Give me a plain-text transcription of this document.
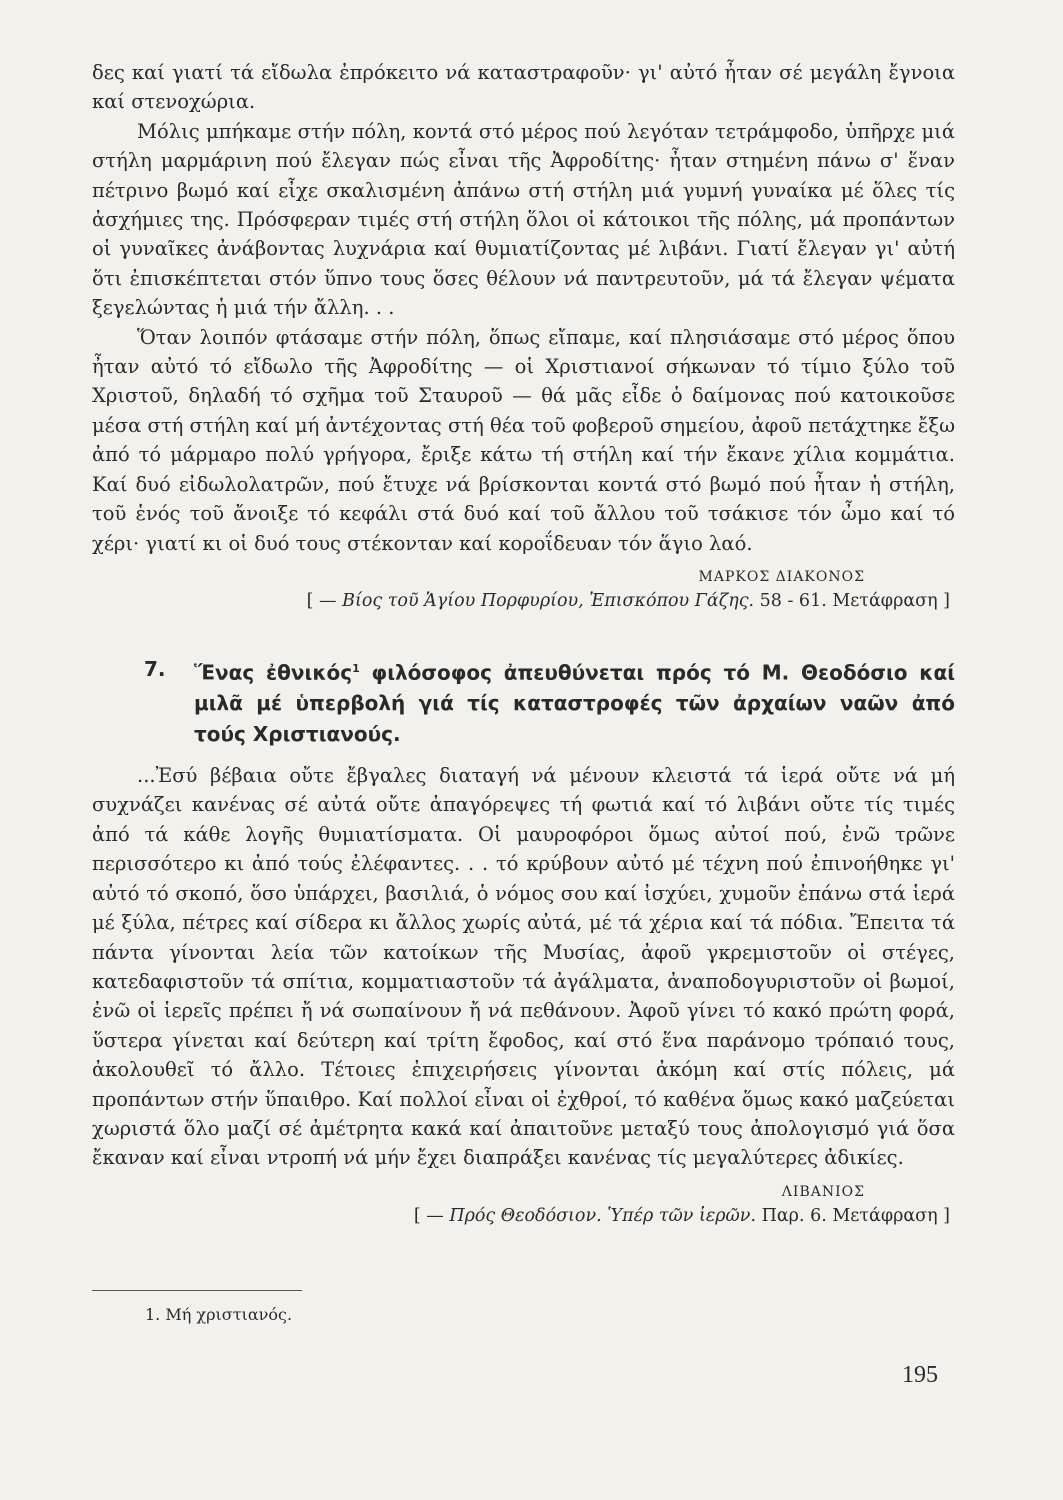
δες καί γιατί τά εἴδωλα ἐπρόκειτο νά καταστραφοῦν· γι' αὐτό ἦταν σέ μεγάλη ἔγνοια καί στενοχώρια.

Μόλις μπήκαμε στήν πόλη, κοντά στό μέρος πού λεγόταν τετράμφοδο, ὑπῆρχε μιά στήλη μαρμάρινη πού ἔλεγαν πώς εἶναι τῆς Ἀφροδίτης· ἦταν στημένη πάνω σ' ἕναν πέτρινο βωμό καί εἶχε σκαλισμένη ἀπάνω στή στήλη μιά γυμνή γυναίκα μέ ὅλες τίς ἀσχήμιες της. Πρόσφεραν τιμές στή στήλη ὅλοι οἱ κάτοικοι τῆς πόλης, μά προπάντων οἱ γυναῖκες ἀνάβοντας λυχνάρια καί θυμιατίζοντας μέ λιβάνι. Γιατί ἔλεγαν γι' αὐτή ὅτι ἐπισκέπτεται στόν ὕπνο τους ὅσες θέλουν νά παντρευτοῦν, μά τά ἔλεγαν ψέματα ξεγελώντας ἡ μιά τήν ἄλλη. . .

Ὅταν λοιπόν φτάσαμε στήν πόλη, ὅπως εἴπαμε, καί πλησιάσαμε στό μέρος ὅπου ἦταν αὐτό τό εἴδωλο τῆς Ἀφροδίτης — οἱ Χριστιανοί σήκωναν τό τίμιο ξύλο τοῦ Χριστοῦ, δηλαδή τό σχῆμα τοῦ Σταυροῦ — θά μᾶς εἶδε ὁ δαίμονας πού κατοικοῦσε μέσα στή στήλη καί μή ἀντέχοντας στή θέα τοῦ φοβεροῦ σημείου, ἀφοῦ πετάχτηκε ἔξω ἀπό τό μάρμαρο πολύ γρήγορα, ἔριξε κάτω τή στήλη καί τήν ἔκανε χίλια κομμάτια. Καί δυό εἰδωλολατρῶν, πού ἔτυχε νά βρίσκονται κοντά στό βωμό πού ἦταν ἡ στήλη, τοῦ ἑνός τοῦ ἄνοιξε τό κεφάλι στά δυό καί τοῦ ἄλλου τοῦ τσάκισε τόν ὦμο καί τό χέρι· γιατί κι οἱ δυό τους στέκονταν καί κοροΐδευαν τόν ἅγιο λαό.

ΜΑΡΚΟΣ ΔΙΑΚΟΝΟΣ
[ — Βίος τοῦ Ἁγίου Πορφυρίου, Ἐπισκόπου Γάζης. 58 - 61. Μετάφραση ]
7.	Ἕνας ἐθνικός$^1$ φιλόσοφος ἀπευθύνεται πρός τό Μ. Θεοδόσιο καί μιλᾶ μέ ὑπερβολή γιά τίς καταστροφές τῶν ἀρχαίων ναῶν ἀπό τούς Χριστιανούς.

...Ἐσύ βέβαια οὔτε ἔβγαλες διαταγή νά μένουν κλειστά τά ἱερά οὔτε νά μή συχνάζει κανένας σέ αὐτά οὔτε ἀπαγόρεψες τή φωτιά καί τό λιβάνι οὔτε τίς τιμές ἀπό τά κάθε λογῆς θυμιατίσματα. Οἱ μαυροφόροι ὅμως αὐτοί πού, ἐνῶ τρῶνε περισσότερο κι ἀπό τούς ἐλέφαντες. . . τό κρύβουν αὐτό μέ τέχνη πού ἐπινοήθηκε γι' αὐτό τό σκοπό, ὅσο ὑπάρχει, βασιλιά, ὁ νόμος σου καί ἰσχύει, χυμοῦν ἐπάνω στά ἱερά μέ ξύλα, πέτρες καί σίδερα κι ἄλλος χωρίς αὐτά, μέ τά χέρια καί τά πόδια. Ἔπειτα τά πάντα γίνονται λεία τῶν κατοίκων τῆς Μυσίας, ἀφοῦ γκρεμιστοῦν οἱ στέγες, κατεδαφιστοῦν τά σπίτια, κομματιαστοῦν τά ἀγάλματα, ἀναποδογυριστοῦν οἱ βωμοί, ἐνῶ οἱ ἱερεῖς πρέπει ἤ νά σωπαίνουν ἤ νά πεθάνουν. Ἀφοῦ γίνει τό κακό πρώτη φορά, ὕστερα γίνεται καί δεύτερη καί τρίτη ἔφοδος, καί στό ἕνα παράνομο τρόπαιό τους, ἀκολουθεῖ τό ἄλλο. Τέτοιες ἐπιχειρήσεις γίνονται ἀκόμη καί στίς πόλεις, μά προπάντων στήν ὕπαιθρο. Καί πολλοί εἶναι οἱ ἐχθροί, τό καθένα ὅμως κακό μαζεύεται χωριστά ὅλο μαζί σέ ἀμέτρητα κακά καί ἀπαιτοῦνε μεταξύ τους ἀπολογισμό γιά ὅσα ἔκαναν καί εἶναι ντροπή νά μήν ἔχει διαπράξει κανένας τίς μεγαλύτερες ἀδικίες.

ΛΙΒΑΝΙΟΣ
[ — Πρός Θεοδόσιον. Ὑπέρ τῶν ἱερῶν. Παρ. 6. Μετάφραση ]
1. Μή χριστιανός.
195
